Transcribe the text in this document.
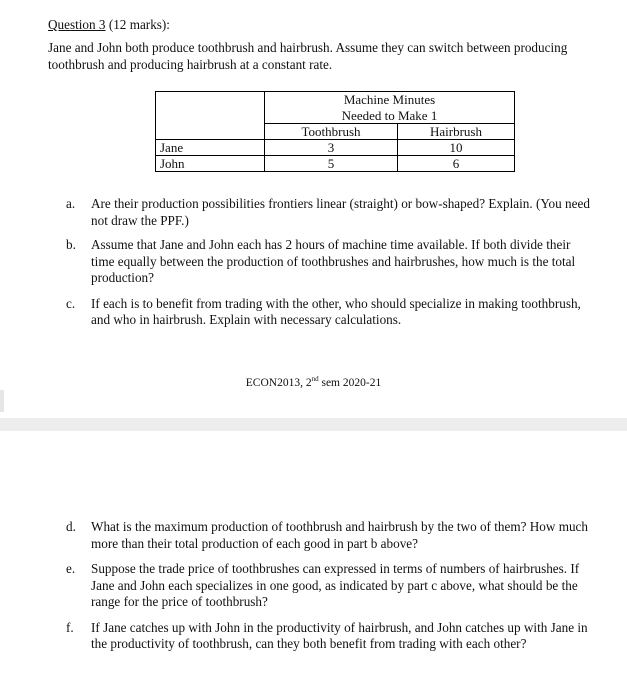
Question 3 (12 marks):
Jane and John both produce toothbrush and hairbrush. Assume they can switch between producing toothbrush and producing hairbrush at a constant rate.

	Machine Minutes
Needed to Make 1	

	Toothbrush	Hairbrush
Jane	3	10
John	5	6
a. Are their production possibilities frontiers linear (straight) or bow-shaped? Explain. (You need not draw the PPF.)
b. Assume that Jane and John each has 2 hours of machine time available. If both divide their time equally between the production of toothbrushes and hairbrushes, how much is the total production?
c. If each is to benefit from trading with the other, who should specialize in making toothbrush, and who in hairbrush. Explain with necessary calculations.
ECON2013, 2nd sem 2020-21
d. What is the maximum production of toothbrush and hairbrush by the two of them? How much more than their total production of each good in part b above?
e. Suppose the trade price of toothbrushes can expressed in terms of numbers of hairbrushes. If Jane and John each specializes in one good, as indicated by part c above, what should be the range for the price of toothbrush?
f. If Jane catches up with John in the productivity of hairbrush, and John catches up with Jane in the productivity of toothbrush, can they both benefit from trading with each other?
